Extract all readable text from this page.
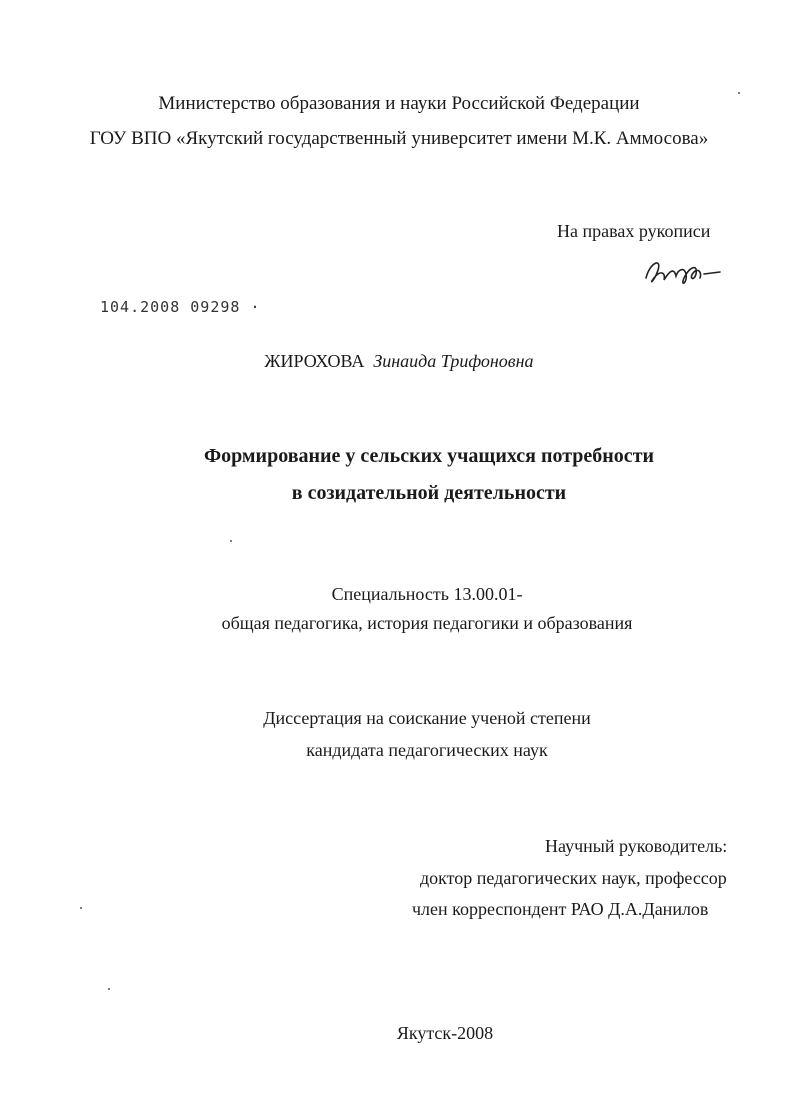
Министерство образования и науки Российской Федерации
ГОУ ВПО «Якутский государственный университет имени М.К. Аммосова»
На правах рукописи
104.2008 09298 ·
ЖИРОХОВА Зинаида Трифоновна
Формирование у сельских учащихся потребности
в созидательной деятельности
Специальность 13.00.01-
общая педагогика, история педагогики и образования
Диссертация на соискание ученой степени
кандидата педагогических наук
Научный руководитель:
доктор педагогических наук, профессор
член корреспондент РАО Д.А.Данилов
Якутск-2008
